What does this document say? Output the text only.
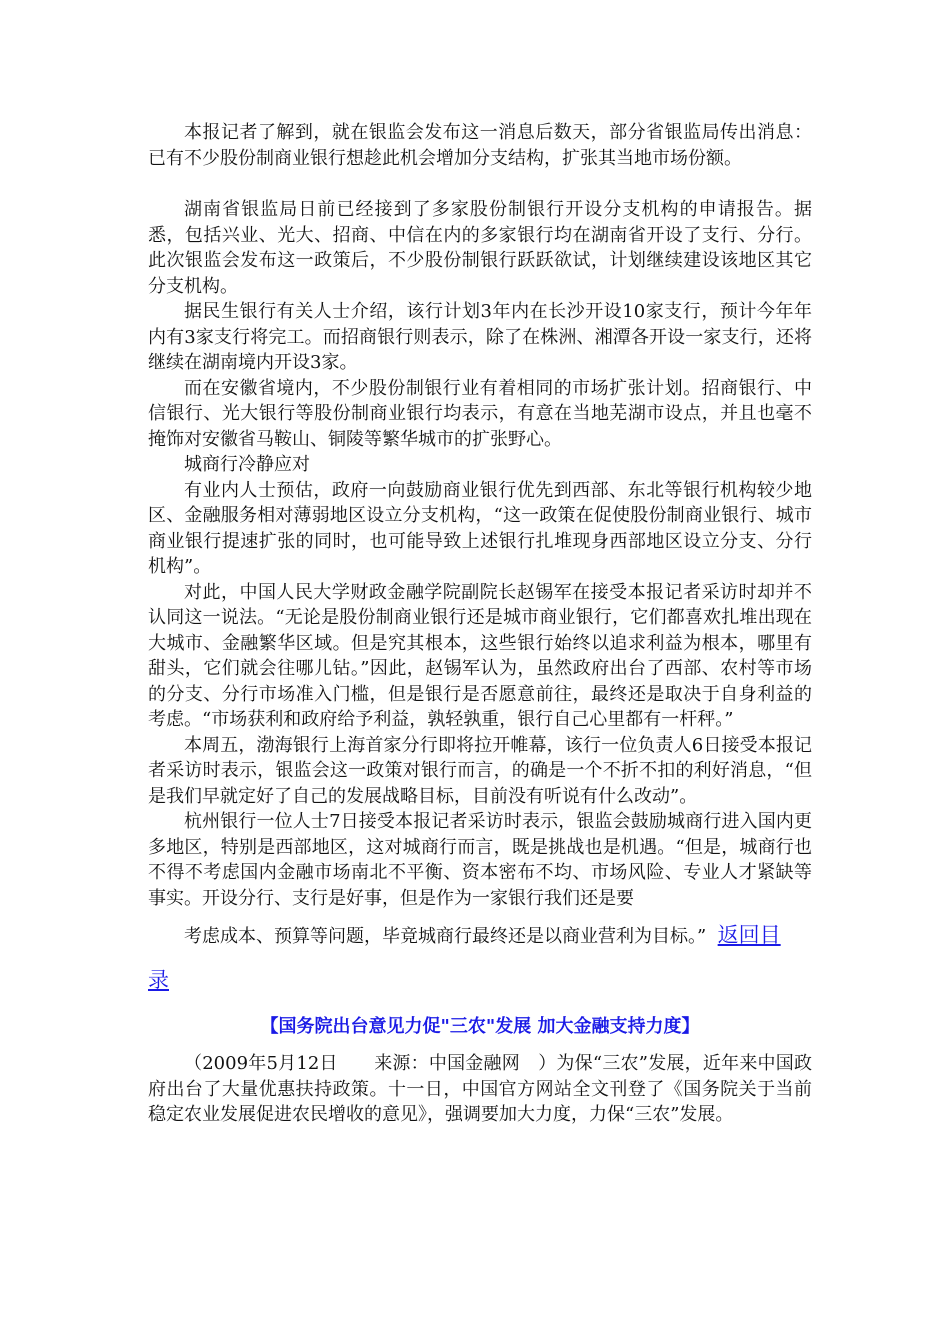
本报记者了解到，就在银监会发布这一消息后数天，部分省银监局传出消息：已有不少股份制商业银行想趁此机会增加分支结构，扩张其当地市场份额。

湖南省银监局日前已经接到了多家股份制银行开设分支机构的申请报告。据悉，包括兴业、光大、招商、中信在内的多家银行均在湖南省开设了支行、分行。此次银监会发布这一政策后，不少股份制银行跃跃欲试，计划继续建设该地区其它分支机构。

据民生银行有关人士介绍，该行计划3年内在长沙开设10家支行，预计今年年内有3家支行将完工。而招商银行则表示，除了在株洲、湘潭各开设一家支行，还将继续在湖南境内开设3家。

而在安徽省境内，不少股份制银行业有着相同的市场扩张计划。招商银行、中信银行、光大银行等股份制商业银行均表示，有意在当地芜湖市设点，并且也毫不掩饰对安徽省马鞍山、铜陵等繁华城市的扩张野心。

城商行冷静应对

有业内人士预估，政府一向鼓励商业银行优先到西部、东北等银行机构较少地区、金融服务相对薄弱地区设立分支机构，“这一政策在促使股份制商业银行、城市商业银行提速扩张的同时，也可能导致上述银行扎堆现身西部地区设立分支、分行机构”。

对此，中国人民大学财政金融学院副院长赵锡军在接受本报记者采访时却并不认同这一说法。“无论是股份制商业银行还是城市商业银行，它们都喜欢扎堆出现在大城市、金融繁华区域。但是究其根本，这些银行始终以追求利益为根本，哪里有甜头，它们就会往哪儿钻。”因此，赵锡军认为，虽然政府出台了西部、农村等市场的分支、分行市场准入门槛，但是银行是否愿意前往，最终还是取决于自身利益的考虑。“市场获利和政府给予利益，孰轻孰重，银行自己心里都有一杆秤。”

本周五，渤海银行上海首家分行即将拉开帷幕，该行一位负责人6日接受本报记者采访时表示，银监会这一政策对银行而言，的确是一个不折不扣的利好消息，“但是我们早就定好了自己的发展战略目标，目前没有听说有什么改动”。

杭州银行一位人士7日接受本报记者采访时表示，银监会鼓励城商行进入国内更多地区，特别是西部地区，这对城商行而言，既是挑战也是机遇。“但是，城商行也不得不考虑国内金融市场南北不平衡、资本密布不均、市场风险、专业人才紧缺等事实。开设分行、支行是好事，但是作为一家银行我们还是要

考虑成本、预算等问题，毕竟城商行最终还是以商业营利为目标。” 返回目

录

【国务院出台意见力促"三农"发展 加大金融支持力度】

（2009年5月12日　　来源：中国金融网　）为保“三农”发展，近年来中国政府出台了大量优惠扶持政策。十一日，中国官方网站全文刊登了《国务院关于当前稳定农业发展促进农民增收的意见》，强调要加大力度，力保“三农”发展。
